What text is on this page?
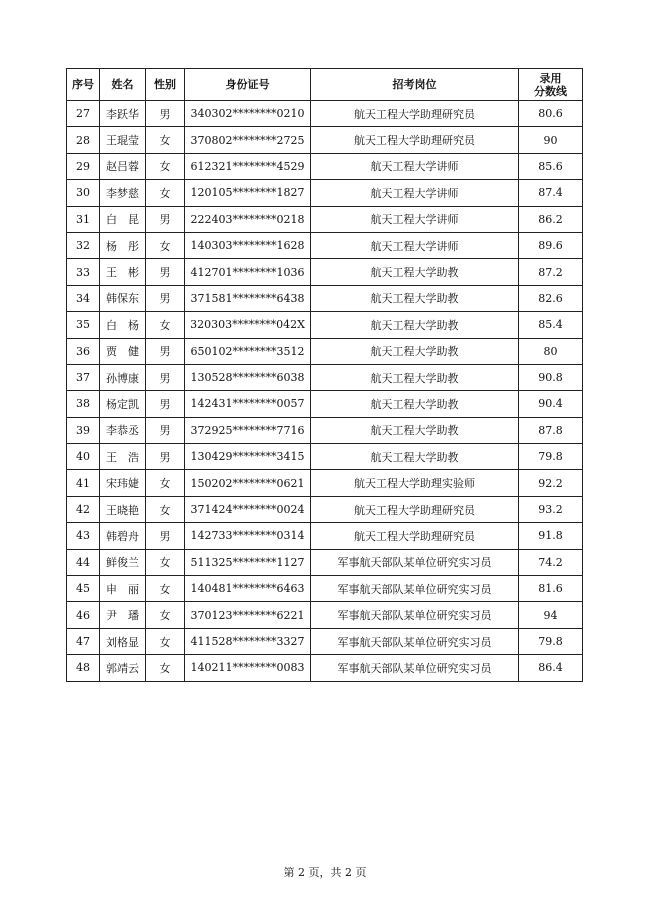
序号	姓名	性别	身份证号	招考岗位	录用
分数线
27	李跃华	男	340302********0210	航天工程大学助理研究员	80.6
28	王琨莹	女	370802********2725	航天工程大学助理研究员	90
29	赵吕蓉	女	612321********4529	航天工程大学讲师	85.6
30	李梦慈	女	120105********1827	航天工程大学讲师	87.4
31	白　昆	男	222403********0218	航天工程大学讲师	86.2
32	杨　彤	女	140303********1628	航天工程大学讲师	89.6
33	王　彬	男	412701********1036	航天工程大学助教	87.2
34	韩保东	男	371581********6438	航天工程大学助教	82.6
35	白　杨	女	320303********042X	航天工程大学助教	85.4
36	贾　健	男	650102********3512	航天工程大学助教	80
37	孙博康	男	130528********6038	航天工程大学助教	90.8
38	杨定凯	男	142431********0057	航天工程大学助教	90.4
39	李恭丞	男	372925********7716	航天工程大学助教	87.8
40	王　浩	男	130429********3415	航天工程大学助教	79.8
41	宋玮婕	女	150202********0621	航天工程大学助理实验师	92.2
42	王晓艳	女	371424********0024	航天工程大学助理研究员	93.2
43	韩碧舟	男	142733********0314	航天工程大学助理研究员	91.8
44	鲜俊兰	女	511325********1127	军事航天部队某单位研究实习员	74.2
45	申　丽	女	140481********6463	军事航天部队某单位研究实习员	81.6
46	尹　璠	女	370123********6221	军事航天部队某单位研究实习员	94
47	刘格显	女	411528********3327	军事航天部队某单位研究实习员	79.8
48	郭靖云	女	140211********0083	军事航天部队某单位研究实习员	86.4
第 2 页，共 2 页
